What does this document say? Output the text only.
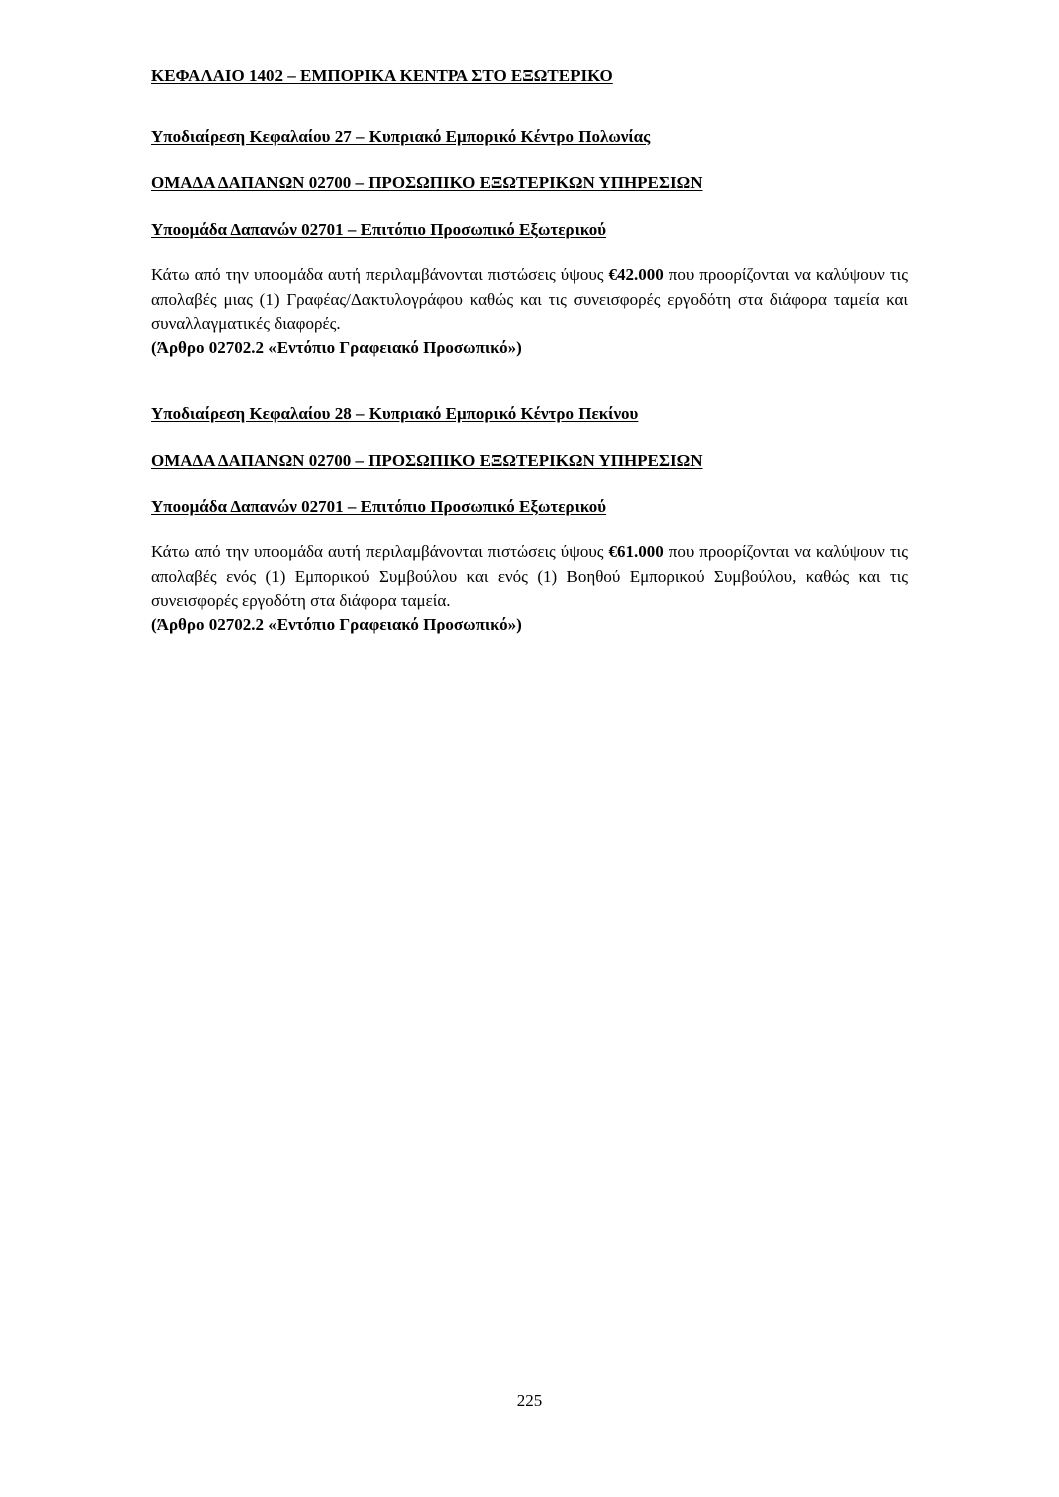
ΚΕΦΑΛΑΙΟ 1402 – ΕΜΠΟΡΙΚΑ ΚΕΝΤΡΑ ΣΤΟ ΕΞΩΤΕΡΙΚΟ
Υποδιαίρεση Κεφαλαίου 27 – Κυπριακό Εμπορικό Κέντρο Πολωνίας
ΟΜΑΔΑ ΔΑΠΑΝΩΝ 02700 – ΠΡΟΣΩΠΙΚΟ ΕΞΩΤΕΡΙΚΩΝ ΥΠΗΡΕΣΙΩΝ
Υποομάδα Δαπανών 02701 – Επιτόπιο Προσωπικό Εξωτερικού

Κάτω από την υποομάδα αυτή περιλαμβάνονται πιστώσεις ύψους €42.000 που προορίζονται να καλύψουν τις απολαβές μιας (1) Γραφέας/Δακτυλογράφου καθώς και τις συνεισφορές εργοδότη στα διάφορα ταμεία και συναλλαγματικές διαφορές.

(Άρθρο 02702.2 «Εντόπιο Γραφειακό Προσωπικό»)

Υποδιαίρεση Κεφαλαίου 28 – Κυπριακό Εμπορικό Κέντρο Πεκίνου
ΟΜΑΔΑ ΔΑΠΑΝΩΝ 02700 – ΠΡΟΣΩΠΙΚΟ ΕΞΩΤΕΡΙΚΩΝ ΥΠΗΡΕΣΙΩΝ
Υποομάδα Δαπανών 02701 – Επιτόπιο Προσωπικό Εξωτερικού

Κάτω από την υποομάδα αυτή περιλαμβάνονται πιστώσεις ύψους €61.000 που προορίζονται να καλύψουν τις απολαβές ενός (1) Εμπορικού Συμβούλου και ενός (1) Βοηθού Εμπορικού Συμβούλου, καθώς και τις συνεισφορές εργοδότη στα διάφορα ταμεία.

(Άρθρο 02702.2 «Εντόπιο Γραφειακό Προσωπικό»)

225
